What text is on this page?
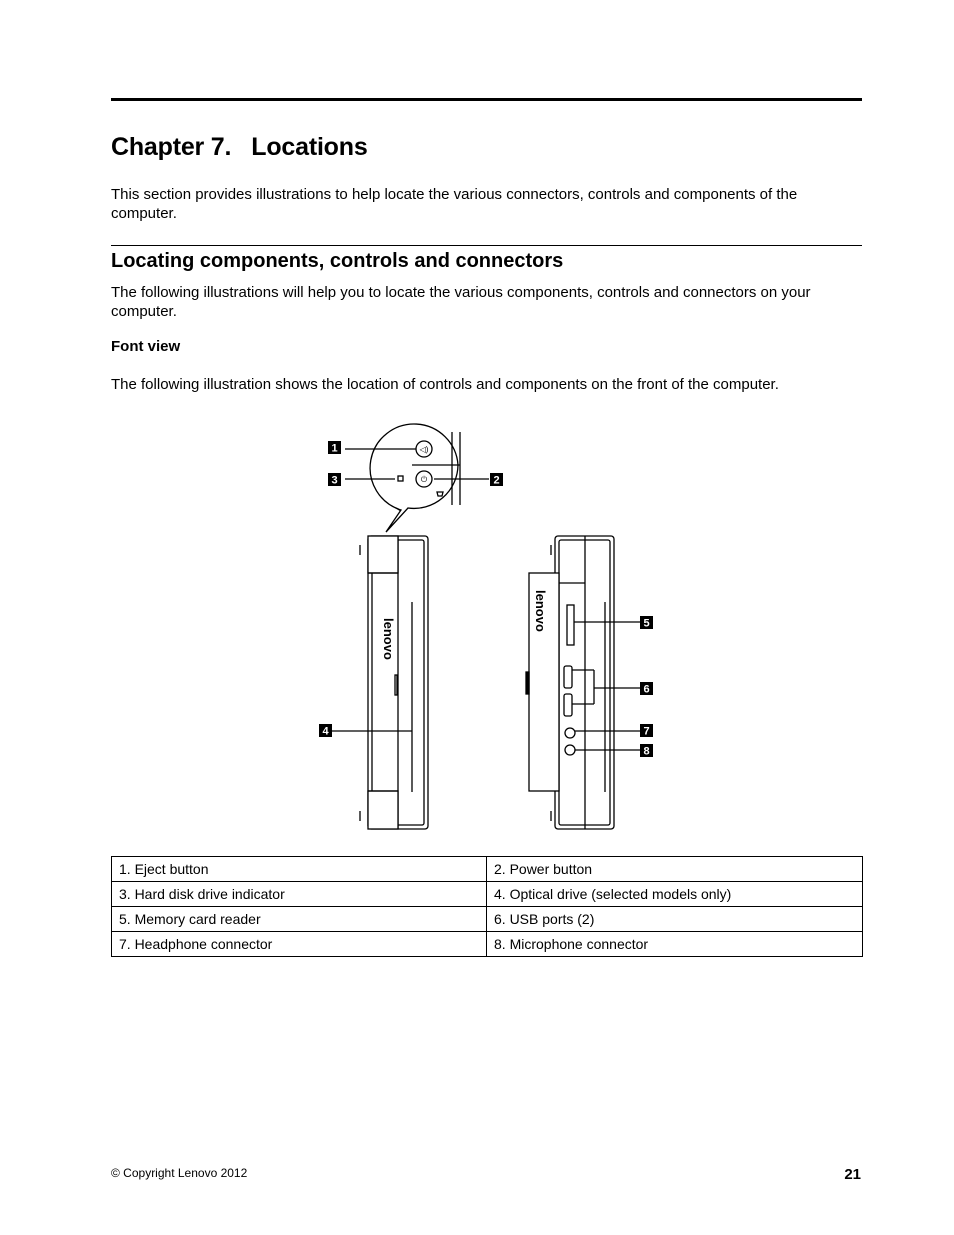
Chapter 7. Locations

This section provides illustrations to help locate the various connectors, controls and components of the computer.

Locating components, controls and connectors

The following illustrations will help you to locate the various components, controls and connectors on your computer.

Font view

The following illustration shows the location of controls and components on the front of the computer.

◁)
⏻
lenovo
lenovo
1
2
3
4
5
6
7
8
1. Eject button	2. Power button
3. Hard disk drive indicator	4. Optical drive (selected models only)
5. Memory card reader	6. USB ports (2)
7. Headphone connector	8. Microphone connector
© Copyright Lenovo 2012	21
